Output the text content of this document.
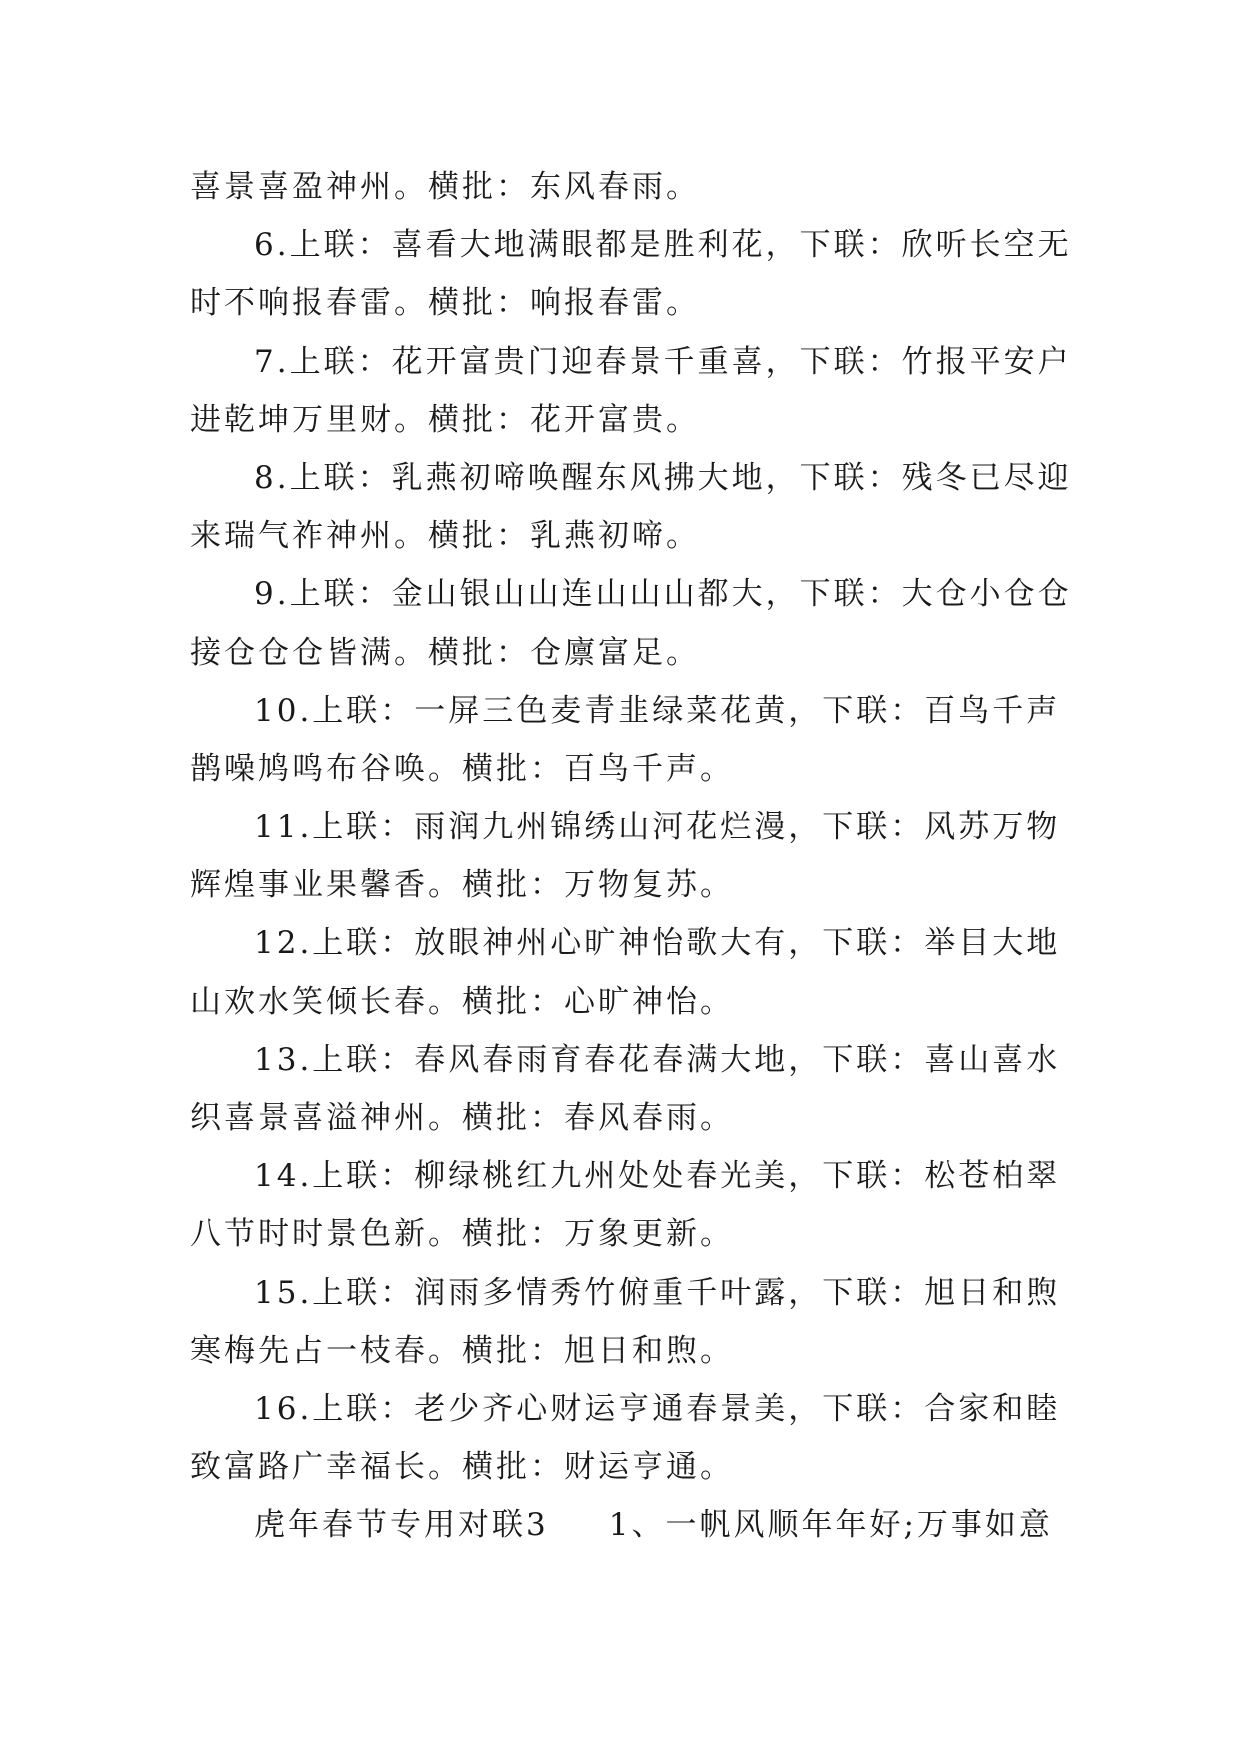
喜景喜盈神州。横批：东风春雨。
6.上联：喜看大地满眼都是胜利花，下联：欣听长空无
时不响报春雷。横批：响报春雷。
7.上联：花开富贵门迎春景千重喜，下联：竹报平安户
进乾坤万里财。横批：花开富贵。
8.上联：乳燕初啼唤醒东风拂大地，下联：残冬已尽迎
来瑞气祚神州。横批：乳燕初啼。
9.上联：金山银山山连山山山都大，下联：大仓小仓仓
接仓仓仓皆满。横批：仓廪富足。
10.上联：一屏三色麦青韭绿菜花黄，下联：百鸟千声
鹊噪鸠鸣布谷唤。横批：百鸟千声。
11.上联：雨润九州锦绣山河花烂漫，下联：风苏万物
辉煌事业果馨香。横批：万物复苏。
12.上联：放眼神州心旷神怡歌大有，下联：举目大地
山欢水笑倾长春。横批：心旷神怡。
13.上联：春风春雨育春花春满大地，下联：喜山喜水
织喜景喜溢神州。横批：春风春雨。
14.上联：柳绿桃红九州处处春光美，下联：松苍柏翠
八节时时景色新。横批：万象更新。
15.上联：润雨多情秀竹俯重千叶露，下联：旭日和煦
寒梅先占一枝春。横批：旭日和煦。
16.上联：老少齐心财运亨通春景美，下联：合家和睦
致富路广幸福长。横批：财运亨通。
虎年春节专用对联3 1、一帆风顺年年好;万事如意
